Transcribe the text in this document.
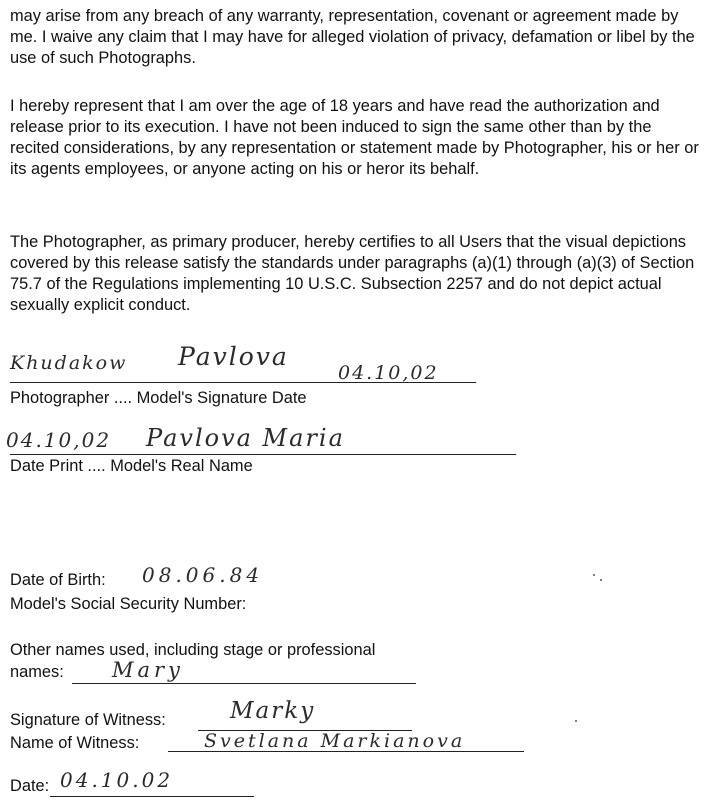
may arise from any breach of any warranty, representation, covenant or agreement made by me. I waive any claim that I may have for alleged violation of privacy, defamation or libel by the use of such Photographs.

I hereby represent that I am over the age of 18 years and have read the authorization and release prior to its execution. I have not been induced to sign the same other than by the recited considerations, by any representation or statement made by Photographer, his or her or its agents employees, or anyone acting on his or heror its behalf.

The Photographer, as primary producer, hereby certifies to all Users that the visual depictions covered by this release satisfy the standards under paragraphs (a)(1) through (a)(3) of Section 75.7 of the Regulations implementing 10 U.S.C. Subsection 2257 and do not depict actual sexually explicit conduct.

Khudakow Pavlova
04.10,02
Photographer .... Model's Signature Date
04.10,02 Pavlova Maria
Date Print .... Model's Real Name
Date of Birth: 08.06.84
Model's Social Security Number:
Other names used, including stage or professional
names: Mary
Signature of Witness:	Marky
Name of Witness:	Svetlana Markianova
Date: 04.10.02
